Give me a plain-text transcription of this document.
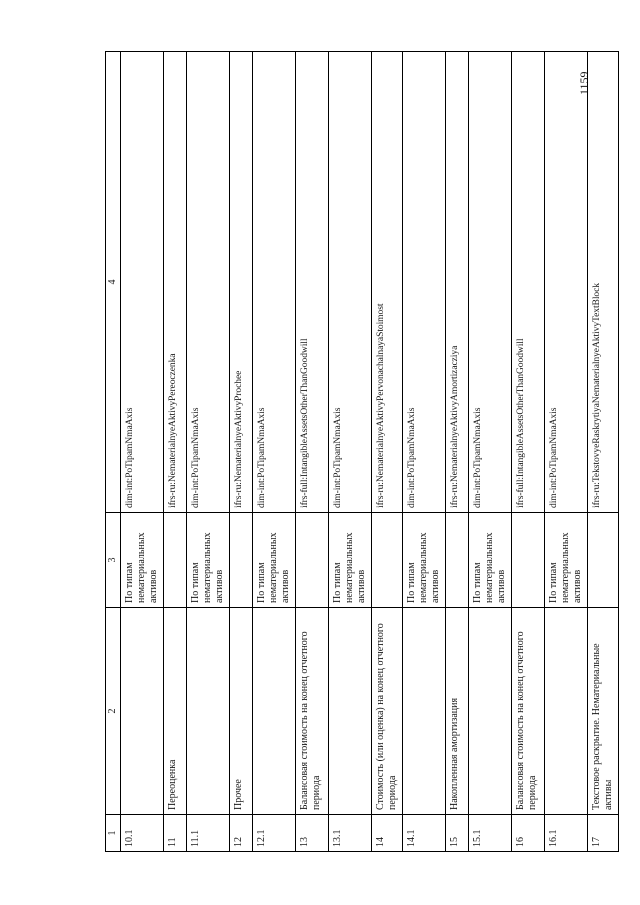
1159
1	2	3	4
10.1		По типам нематериальных активов	dim-int:PoTipamNmaAxis
11	Переоценка		ifrs-ru:NematerialnyeAktivyPereoczenka
11.1		По типам нематериальных активов	dim-int:PoTipamNmaAxis
12	Прочее		ifrs-ru:NematerialnyeAktivyProchee
12.1		По типам нематериальных активов	dim-int:PoTipamNmaAxis
13	Балансовая стоимость на конец отчетного периода		ifrs-full:IntangibleAssetsOtherThanGoodwill
13.1		По типам нематериальных активов	dim-int:PoTipamNmaAxis
14	Стоимость (или оценка) на конец отчетного периода		ifrs-ru:NematerialnyeAktivyPervonachalnayaStoimost
14.1		По типам нематериальных активов	dim-int:PoTipamNmaAxis
15	Накопленная амортизация		ifrs-ru:NematerialnyeAktivyAmortizacziya
15.1		По типам нематериальных активов	dim-int:PoTipamNmaAxis
16	Балансовая стоимость на конец отчетного периода		ifrs-full:IntangibleAssetsOtherThanGoodwill
16.1		По типам нематериальных активов	dim-int:PoTipamNmaAxis
17	Текстовое раскрытие. Нематериальные активы		ifrs-ru:TekstovyeRaskrytiyaNematerialnyeAktivyTextBlock
